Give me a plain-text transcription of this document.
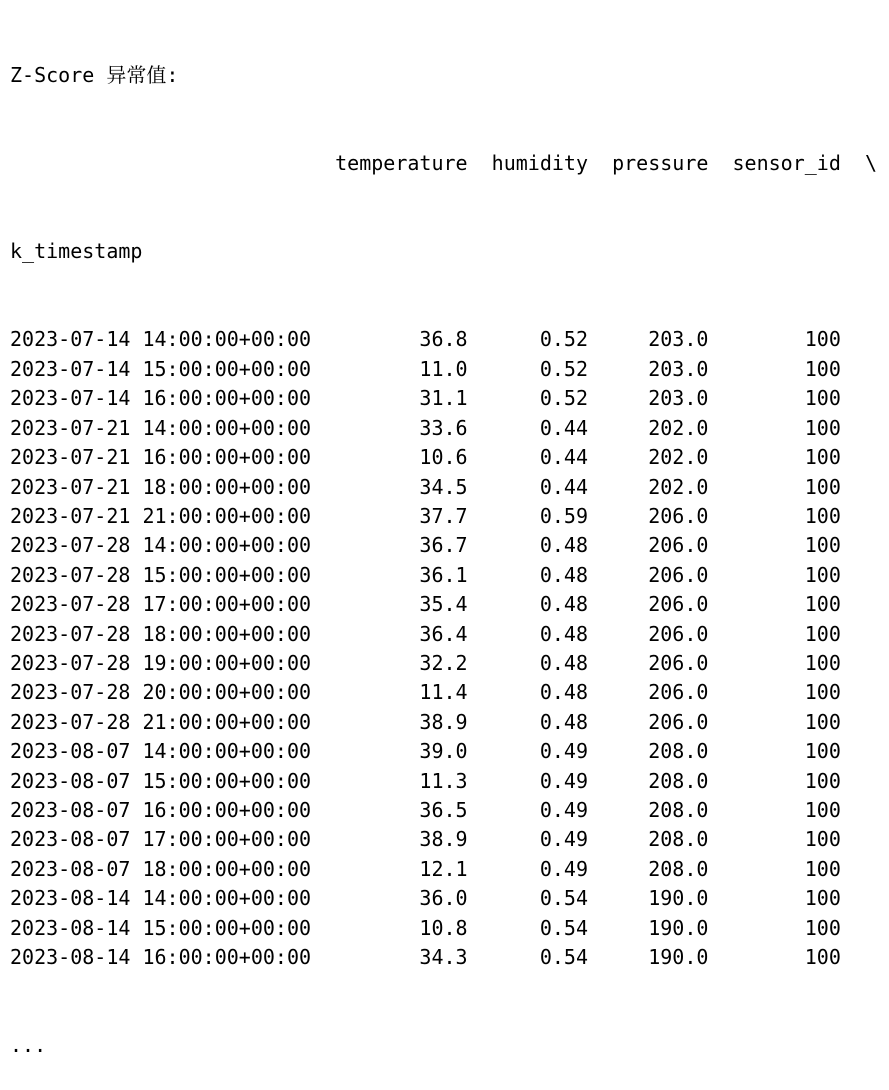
Z-Score 异常值:

temperature humidity pressure sensor_id \

k_timestamp

2023-07-14 14:00:00+00:00         36.8      0.52     203.0        100
2023-07-14 15:00:00+00:00         11.0      0.52     203.0        100
2023-07-14 16:00:00+00:00         31.1      0.52     203.0        100
2023-07-21 14:00:00+00:00         33.6      0.44     202.0        100
2023-07-21 16:00:00+00:00         10.6      0.44     202.0        100
2023-07-21 18:00:00+00:00         34.5      0.44     202.0        100
2023-07-21 21:00:00+00:00         37.7      0.59     206.0        100
2023-07-28 14:00:00+00:00         36.7      0.48     206.0        100
2023-07-28 15:00:00+00:00         36.1      0.48     206.0        100
2023-07-28 17:00:00+00:00         35.4      0.48     206.0        100
2023-07-28 18:00:00+00:00         36.4      0.48     206.0        100
2023-07-28 19:00:00+00:00         32.2      0.48     206.0        100
2023-07-28 20:00:00+00:00         11.4      0.48     206.0        100
2023-07-28 21:00:00+00:00         38.9      0.48     206.0        100
2023-08-07 14:00:00+00:00         39.0      0.49     208.0        100
2023-08-07 15:00:00+00:00         11.3      0.49     208.0        100
2023-08-07 16:00:00+00:00         36.5      0.49     208.0        100
2023-08-07 17:00:00+00:00         38.9      0.49     208.0        100
2023-08-07 18:00:00+00:00         12.1      0.49     208.0        100
2023-08-14 14:00:00+00:00         36.0      0.54     190.0        100
2023-08-14 15:00:00+00:00         10.8      0.54     190.0        100
2023-08-14 16:00:00+00:00         34.3      0.54     190.0        100

...
